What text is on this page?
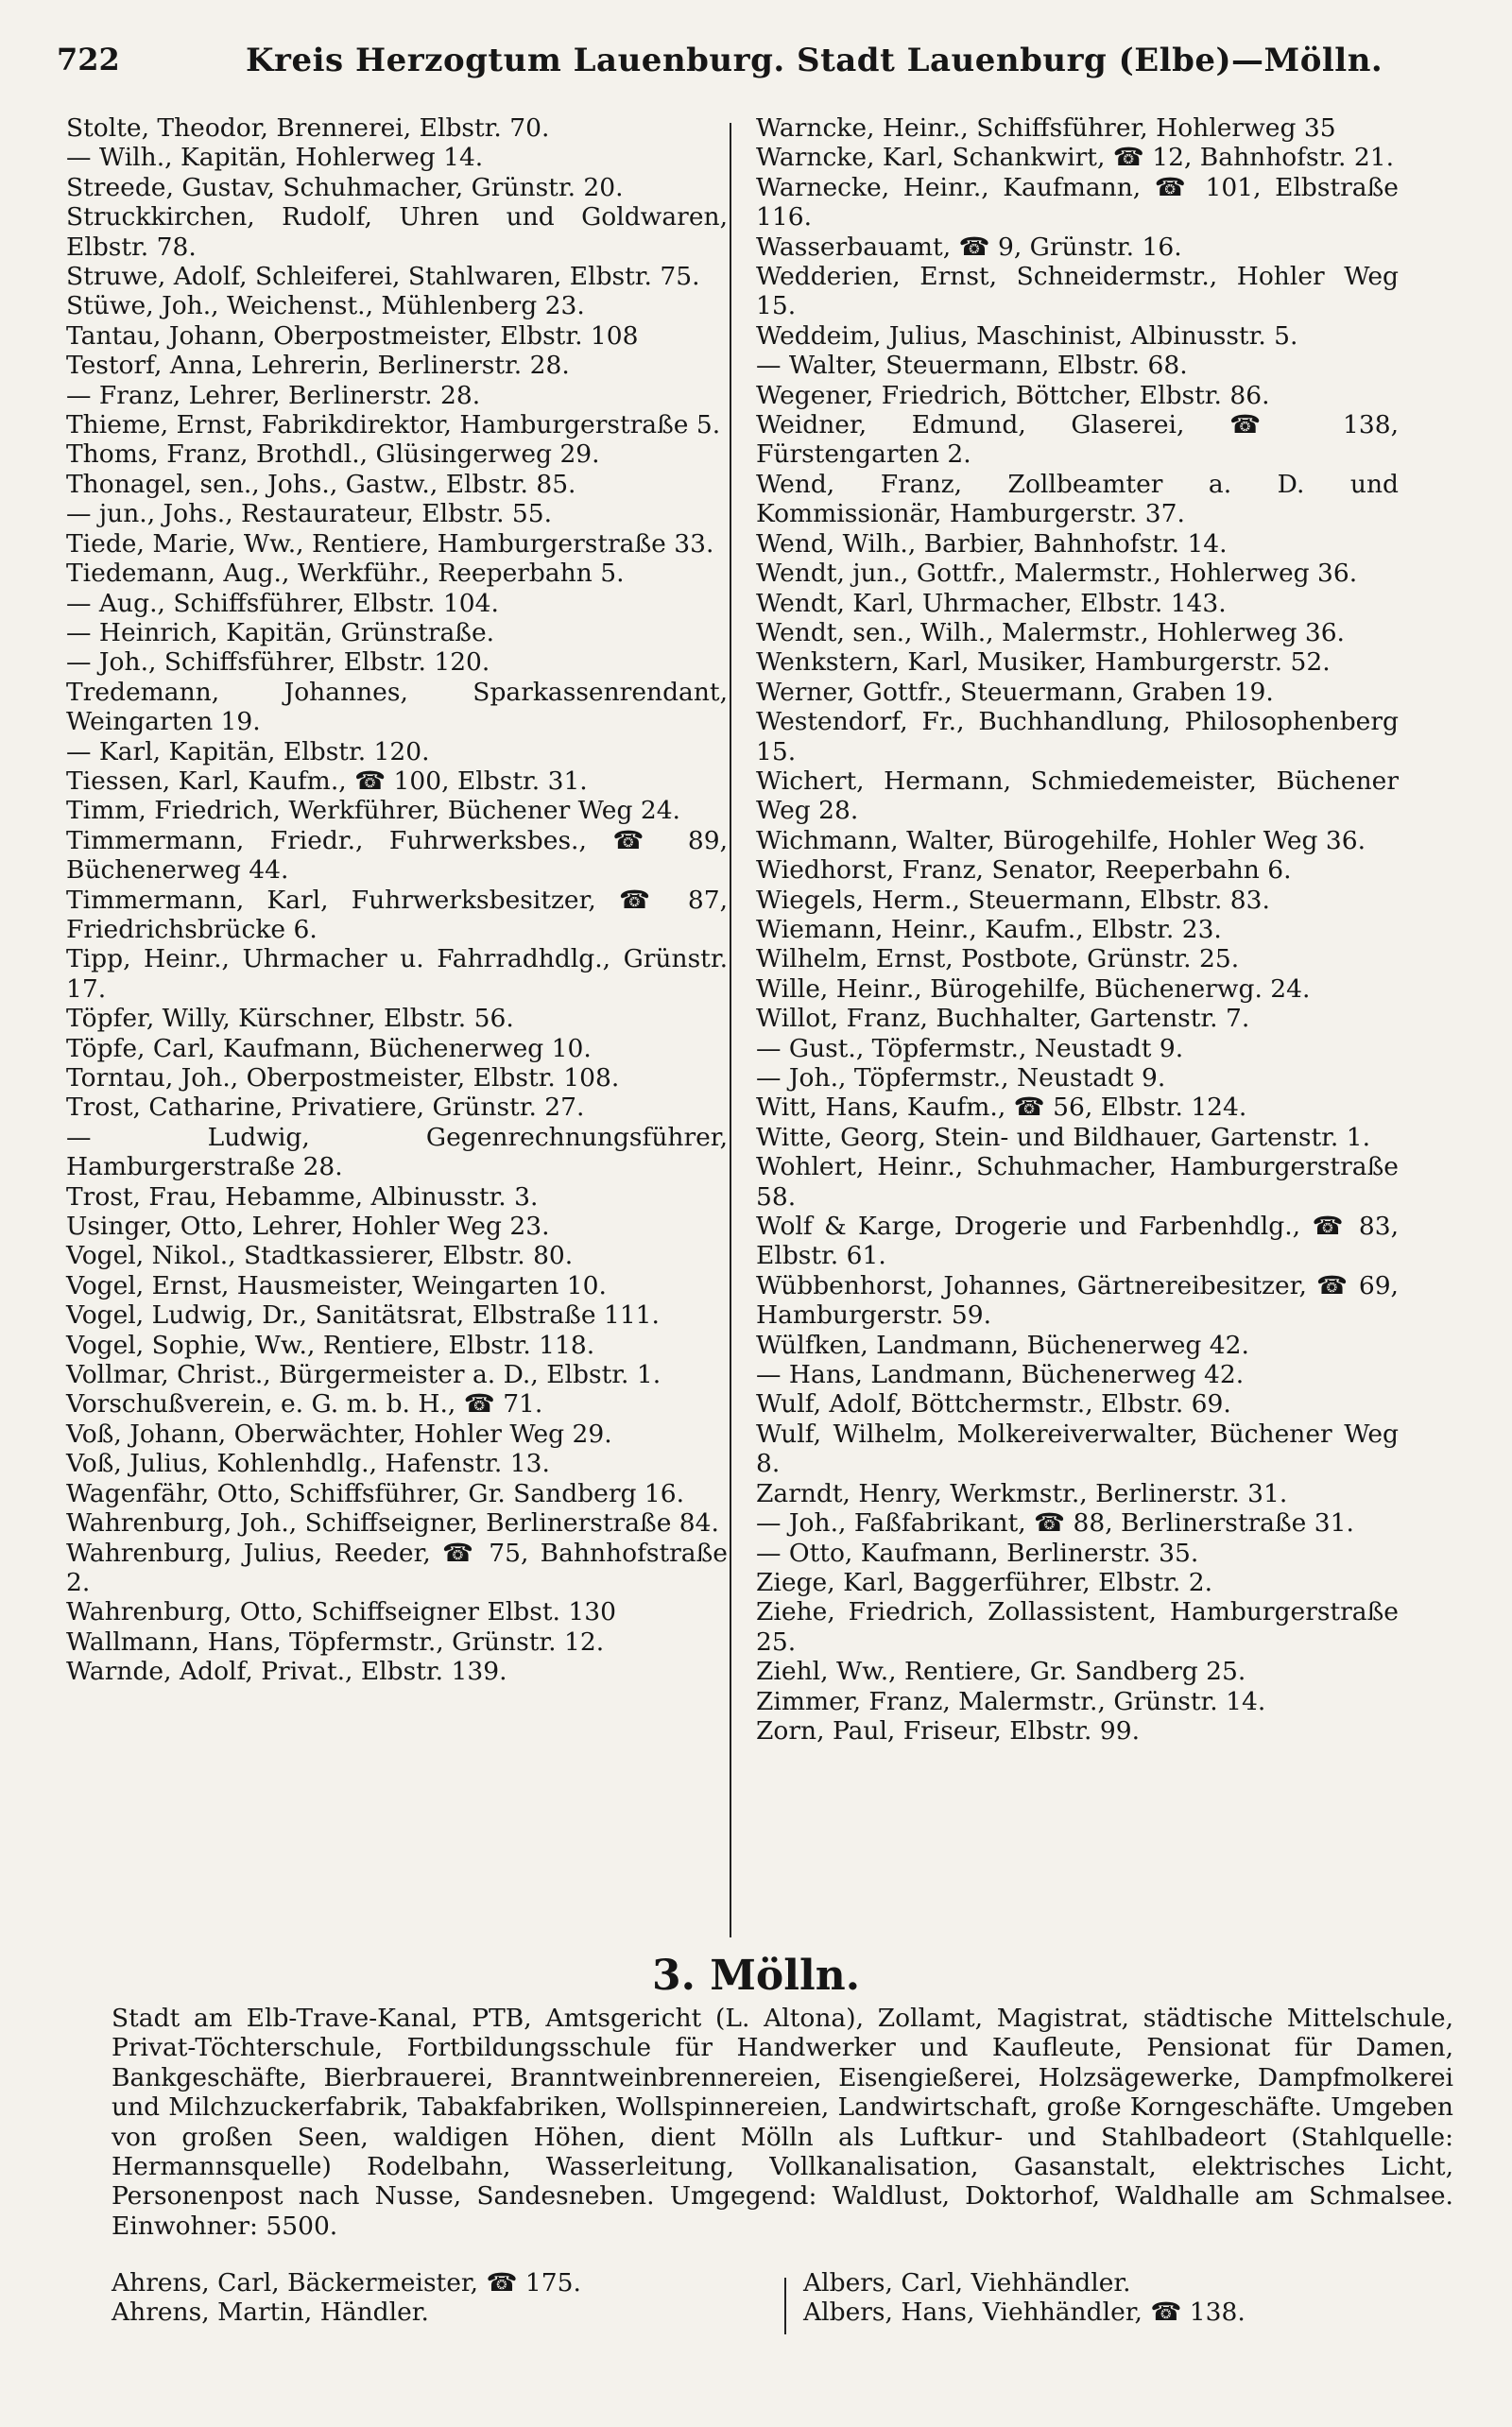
722	Kreis Herzogtum Lauenburg. Stadt Lauenburg (Elbe)—Mölln.
Stolte, Theodor, Brennerei, Elbstr. 70.
— Wilh., Kapitän, Hohlerweg 14.
Streede, Gustav, Schuhmacher, Grünstr. 20.
Struckkirchen, Rudolf, Uhren und Goldwaren, Elbstr. 78.
Struwe, Adolf, Schleiferei, Stahlwaren, Elbstr. 75.
Stüwe, Joh., Weichenst., Mühlenberg 23.
Tantau, Johann, Oberpostmeister, Elbstr. 108
Testorf, Anna, Lehrerin, Berlinerstr. 28.
— Franz, Lehrer, Berlinerstr. 28.
Thieme, Ernst, Fabrikdirektor, Hamburgerstraße 5.
Thoms, Franz, Brothdl., Glüsingerweg 29.
Thonagel, sen., Johs., Gastw., Elbstr. 85.
— jun., Johs., Restaurateur, Elbstr. 55.
Tiede, Marie, Ww., Rentiere, Hamburgerstraße 33.
Tiedemann, Aug., Werkführ., Reeperbahn 5.
— Aug., Schiffsführer, Elbstr. 104.
— Heinrich, Kapitän, Grünstraße.
— Joh., Schiffsführer, Elbstr. 120.
Tredemann, Johannes, Sparkassenrendant, Weingarten 19.
— Karl, Kapitän, Elbstr. 120.
Tiessen, Karl, Kaufm., ☎ 100, Elbstr. 31.
Timm, Friedrich, Werkführer, Büchener Weg 24.
Timmermann, Friedr., Fuhrwerksbes., ☎ 89, Büchenerweg 44.
Timmermann, Karl, Fuhrwerksbesitzer, ☎ 87, Friedrichsbrücke 6.
Tipp, Heinr., Uhrmacher u. Fahrradhdlg., Grünstr. 17.
Töpfer, Willy, Kürschner, Elbstr. 56.
Töpfe, Carl, Kaufmann, Büchenerweg 10.
Torntau, Joh., Oberpostmeister, Elbstr. 108.
Trost, Catharine, Privatiere, Grünstr. 27.
— Ludwig, Gegenrechnungsführer, Hamburgerstraße 28.
Trost, Frau, Hebamme, Albinusstr. 3.
Usinger, Otto, Lehrer, Hohler Weg 23.
Vogel, Nikol., Stadtkassierer, Elbstr. 80.
Vogel, Ernst, Hausmeister, Weingarten 10.
Vogel, Ludwig, Dr., Sanitätsrat, Elbstraße 111.
Vogel, Sophie, Ww., Rentiere, Elbstr. 118.
Vollmar, Christ., Bürgermeister a. D., Elbstr. 1.
Vorschußverein, e. G. m. b. H., ☎ 71.
Voß, Johann, Oberwächter, Hohler Weg 29.
Voß, Julius, Kohlenhdlg., Hafenstr. 13.
Wagenfähr, Otto, Schiffsführer, Gr. Sandberg 16.
Wahrenburg, Joh., Schiffseigner, Berlinerstraße 84.
Wahrenburg, Julius, Reeder, ☎ 75, Bahnhofstraße 2.
Wahrenburg, Otto, Schiffseigner Elbst. 130
Wallmann, Hans, Töpfermstr., Grünstr. 12.
Warnde, Adolf, Privat., Elbstr. 139.
Warncke, Heinr., Schiffsführer, Hohlerweg 35
Warncke, Karl, Schankwirt, ☎ 12, Bahnhofstr. 21.
Warnecke, Heinr., Kaufmann, ☎ 101, Elbstraße 116.
Wasserbauamt, ☎ 9, Grünstr. 16.
Wedderien, Ernst, Schneidermstr., Hohler Weg 15.
Weddeim, Julius, Maschinist, Albinusstr. 5.
— Walter, Steuermann, Elbstr. 68.
Wegener, Friedrich, Böttcher, Elbstr. 86.
Weidner, Edmund, Glaserei, ☎ 138, Fürstengarten 2.
Wend, Franz, Zollbeamter a. D. und Kommissionär, Hamburgerstr. 37.
Wend, Wilh., Barbier, Bahnhofstr. 14.
Wendt, jun., Gottfr., Malermstr., Hohlerweg 36.
Wendt, Karl, Uhrmacher, Elbstr. 143.
Wendt, sen., Wilh., Malermstr., Hohlerweg 36.
Wenkstern, Karl, Musiker, Hamburgerstr. 52.
Werner, Gottfr., Steuermann, Graben 19.
Westendorf, Fr., Buchhandlung, Philosophenberg 15.
Wichert, Hermann, Schmiedemeister, Büchener Weg 28.
Wichmann, Walter, Bürogehilfe, Hohler Weg 36.
Wiedhorst, Franz, Senator, Reeperbahn 6.
Wiegels, Herm., Steuermann, Elbstr. 83.
Wiemann, Heinr., Kaufm., Elbstr. 23.
Wilhelm, Ernst, Postbote, Grünstr. 25.
Wille, Heinr., Bürogehilfe, Büchenerwg. 24.
Willot, Franz, Buchhalter, Gartenstr. 7.
— Gust., Töpfermstr., Neustadt 9.
— Joh., Töpfermstr., Neustadt 9.
Witt, Hans, Kaufm., ☎ 56, Elbstr. 124.
Witte, Georg, Stein- und Bildhauer, Gartenstr. 1.
Wohlert, Heinr., Schuhmacher, Hamburgerstraße 58.
Wolf & Karge, Drogerie und Farbenhdlg., ☎ 83, Elbstr. 61.
Wübbenhorst, Johannes, Gärtnereibesitzer, ☎ 69, Hamburgerstr. 59.
Wülfken, Landmann, Büchenerweg 42.
— Hans, Landmann, Büchenerweg 42.
Wulf, Adolf, Böttchermstr., Elbstr. 69.
Wulf, Wilhelm, Molkereiverwalter, Büchener Weg 8.
Zarndt, Henry, Werkmstr., Berlinerstr. 31.
— Joh., Faßfabrikant, ☎ 88, Berlinerstraße 31.
— Otto, Kaufmann, Berlinerstr. 35.
Ziege, Karl, Baggerführer, Elbstr. 2.
Ziehe, Friedrich, Zollassistent, Hamburgerstraße 25.
Ziehl, Ww., Rentiere, Gr. Sandberg 25.
Zimmer, Franz, Malermstr., Grünstr. 14.
Zorn, Paul, Friseur, Elbstr. 99.
3. Mölln.
Stadt am Elb-Trave-Kanal, PTB, Amtsgericht (L. Altona), Zollamt, Magistrat, städtische Mittelschule, Privat-Töchterschule, Fortbildungsschule für Handwerker und Kaufleute, Pensionat für Damen, Bankgeschäfte, Bierbrauerei, Branntweinbrennereien, Eisengießerei, Holzsägewerke, Dampfmolkerei und Milchzuckerfabrik, Tabakfabriken, Wollspinnereien, Landwirtschaft, große Korngeschäfte. Umgeben von großen Seen, waldigen Höhen, dient Mölln als Luftkur- und Stahlbadeort (Stahlquelle: Hermannsquelle) Rodelbahn, Wasserleitung, Vollkanalisation, Gasanstalt, elektrisches Licht, Personenpost nach Nusse, Sandesneben. Umgegend: Waldlust, Doktorhof, Waldhalle am Schmalsee. Einwohner: 5500.
Ahrens, Carl, Bäckermeister, ☎ 175.
Ahrens, Martin, Händler.
Albers, Carl, Viehhändler.
Albers, Hans, Viehhändler, ☎ 138.
